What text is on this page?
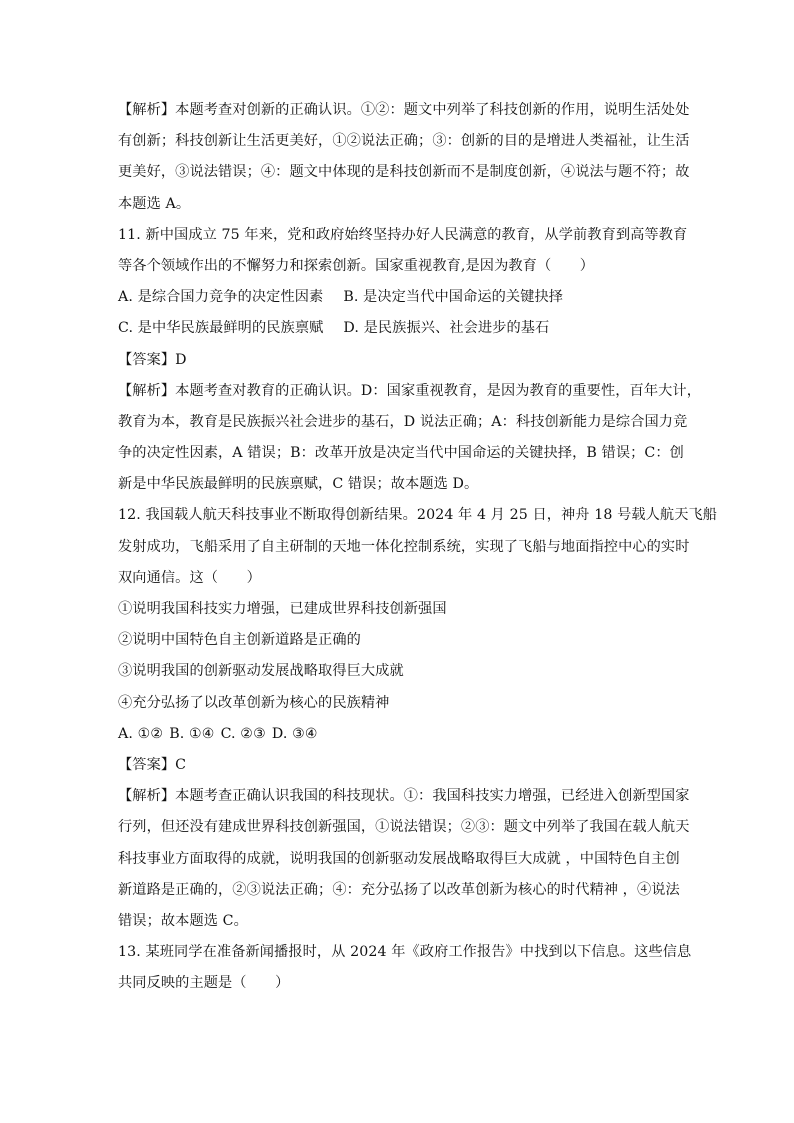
【解析】本题考查对创新的正确认识。①②：题文中列举了科技创新的作用，说明生活处处
有创新；科技创新让生活更美好，①②说法正确；③：创新的目的是增进人类福祉，让生活
更美好，③说法错误；④：题文中体现的是科技创新而不是制度创新，④说法与题不符；故
本题选 A。
11. 新中国成立 75 年来，党和政府始终坚持办好人民满意的教育，从学前教育到高等教育
等各个领域作出的不懈努力和探索创新。国家重视教育,是因为教育（　　）
A. 是综合国力竞争的决定性因素 B. 是决定当代中国命运的关键抉择
C. 是中华民族最鲜明的民族禀赋 D. 是民族振兴、社会进步的基石
【答案】D
【解析】本题考查对教育的正确认识。D：国家重视教育，是因为教育的重要性，百年大计，
教育为本，教育是民族振兴社会进步的基石，D 说法正确；A：科技创新能力是综合国力竞
争的决定性因素，A 错误；B：改革开放是决定当代中国命运的关键抉择，B 错误；C：创
新是中华民族最鲜明的民族禀赋，C 错误；故本题选 D。
12. 我国载人航天科技事业不断取得创新结果。2024 年 4 月 25 日，神舟 18 号载人航天飞船
发射成功，飞船采用了自主研制的天地一体化控制系统，实现了飞船与地面指控中心的实时
双向通信。这（　　）
①说明我国科技实力增强，已建成世界科技创新强国
②说明中国特色自主创新道路是正确的
③说明我国的创新驱动发展战略取得巨大成就
④充分弘扬了以改革创新为核心的民族精神
A. ①② B. ①④ C. ②③ D. ③④
【答案】C
【解析】本题考查正确认识我国的科技现状。①：我国科技实力增强，已经进入创新型国家
行列，但还没有建成世界科技创新强国，①说法错误；②③：题文中列举了我国在载人航天
科技事业方面取得的成就，说明我国的创新驱动发展战略取得巨大成就 ，中国特色自主创
新道路是正确的，②③说法正确；④：充分弘扬了以改革创新为核心的时代精神 ，④说法
错误；故本题选 C。
13. 某班同学在准备新闻播报时，从 2024 年《政府工作报告》中找到以下信息。这些信息
共同反映的主题是（　　）
